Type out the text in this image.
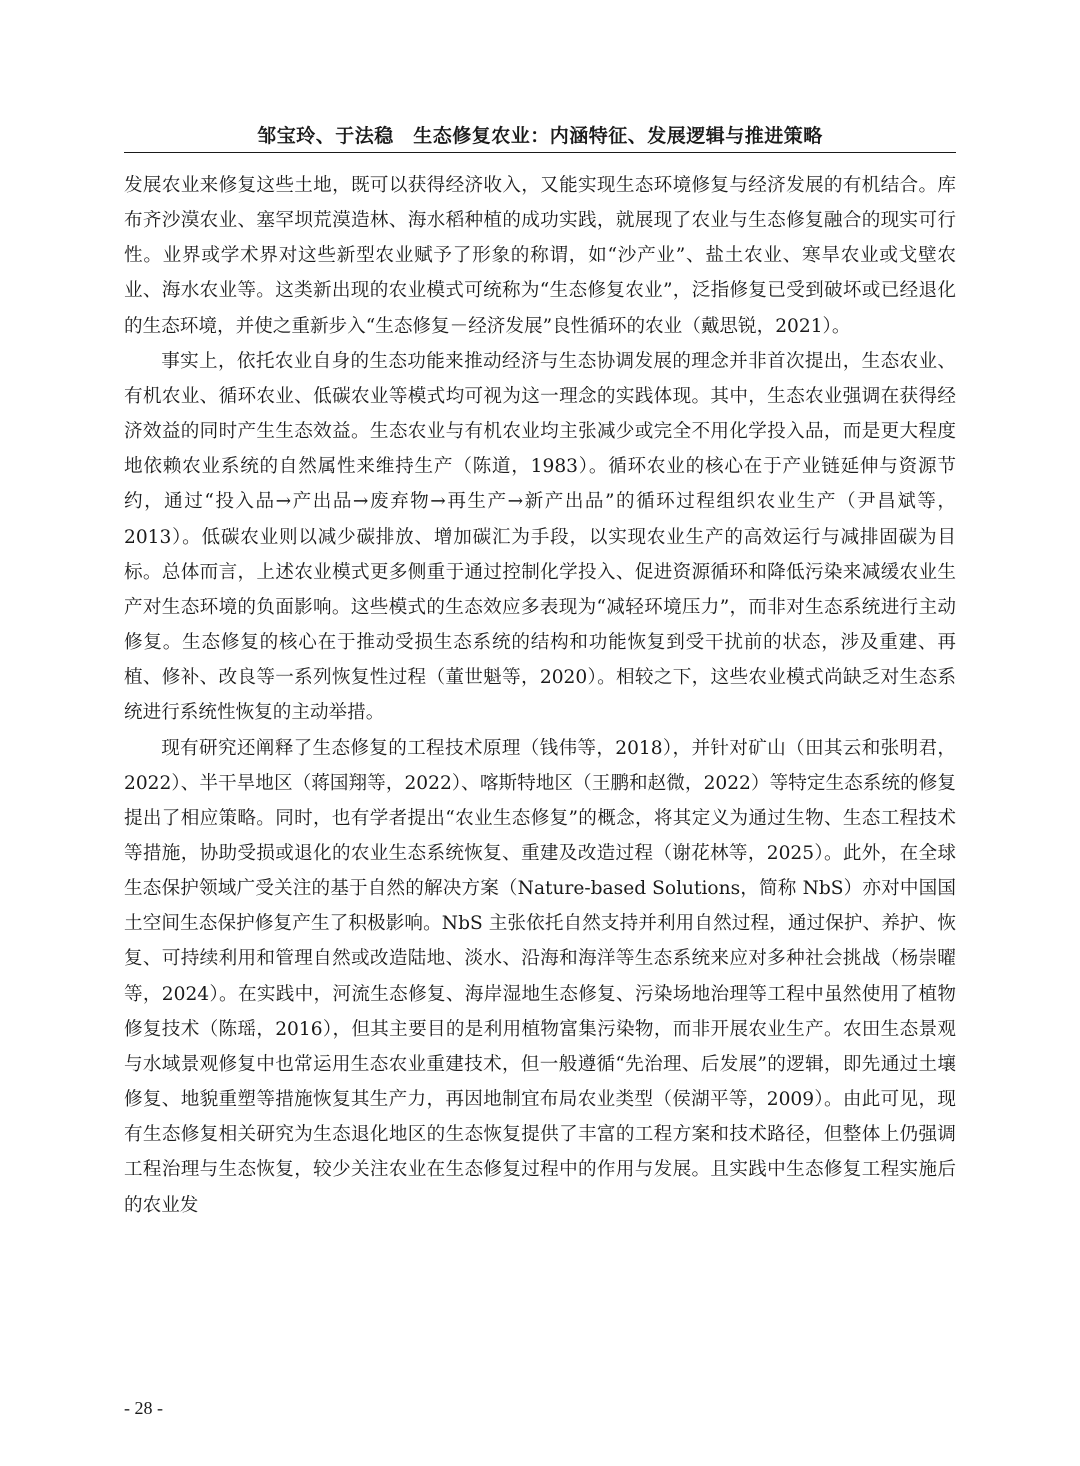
邹宝玲、于法稳　生态修复农业：内涵特征、发展逻辑与推进策略

发展农业来修复这些土地，既可以获得经济收入，又能实现生态环境修复与经济发展的有机结合。库布齐沙漠农业、塞罕坝荒漠造林、海水稻种植的成功实践，就展现了农业与生态修复融合的现实可行性。业界或学术界对这些新型农业赋予了形象的称谓，如“沙产业”、盐土农业、寒旱农业或戈壁农业、海水农业等。这类新出现的农业模式可统称为“生态修复农业”，泛指修复已受到破坏或已经退化的生态环境，并使之重新步入“生态修复－经济发展”良性循环的农业（戴思锐，2021）。

事实上，依托农业自身的生态功能来推动经济与生态协调发展的理念并非首次提出，生态农业、有机农业、循环农业、低碳农业等模式均可视为这一理念的实践体现。其中，生态农业强调在获得经济效益的同时产生生态效益。生态农业与有机农业均主张减少或完全不用化学投入品，而是更大程度地依赖农业系统的自然属性来维持生产（陈道，1983）。循环农业的核心在于产业链延伸与资源节约，通过“投入品→产出品→废弃物→再生产→新产出品”的循环过程组织农业生产（尹昌斌等，2013）。低碳农业则以减少碳排放、增加碳汇为手段，以实现农业生产的高效运行与减排固碳为目标。总体而言，上述农业模式更多侧重于通过控制化学投入、促进资源循环和降低污染来减缓农业生产对生态环境的负面影响。这些模式的生态效应多表现为“减轻环境压力”，而非对生态系统进行主动修复。生态修复的核心在于推动受损生态系统的结构和功能恢复到受干扰前的状态，涉及重建、再植、修补、改良等一系列恢复性过程（董世魁等，2020）。相较之下，这些农业模式尚缺乏对生态系统进行系统性恢复的主动举措。

现有研究还阐释了生态修复的工程技术原理（钱伟等，2018），并针对矿山（田其云和张明君，2022）、半干旱地区（蒋国翔等，2022）、喀斯特地区（王鹏和赵微，2022）等特定生态系统的修复提出了相应策略。同时，也有学者提出“农业生态修复”的概念，将其定义为通过生物、生态工程技术等措施，协助受损或退化的农业生态系统恢复、重建及改造过程（谢花林等，2025）。此外，在全球生态保护领域广受关注的基于自然的解决方案（Nature-based Solutions，简称 NbS）亦对中国国土空间生态保护修复产生了积极影响。NbS 主张依托自然支持并利用自然过程，通过保护、养护、恢复、可持续利用和管理自然或改造陆地、淡水、沿海和海洋等生态系统来应对多种社会挑战（杨崇曜等，2024）。在实践中，河流生态修复、海岸湿地生态修复、污染场地治理等工程中虽然使用了植物修复技术（陈瑶，2016），但其主要目的是利用植物富集污染物，而非开展农业生产。农田生态景观与水域景观修复中也常运用生态农业重建技术，但一般遵循“先治理、后发展”的逻辑，即先通过土壤修复、地貌重塑等措施恢复其生产力，再因地制宜布局农业类型（侯湖平等，2009）。由此可见，现有生态修复相关研究为生态退化地区的生态恢复提供了丰富的工程方案和技术路径，但整体上仍强调工程治理与生态恢复，较少关注农业在生态修复过程中的作用与发展。且实践中生态修复工程实施后的农业发

- 28 -
